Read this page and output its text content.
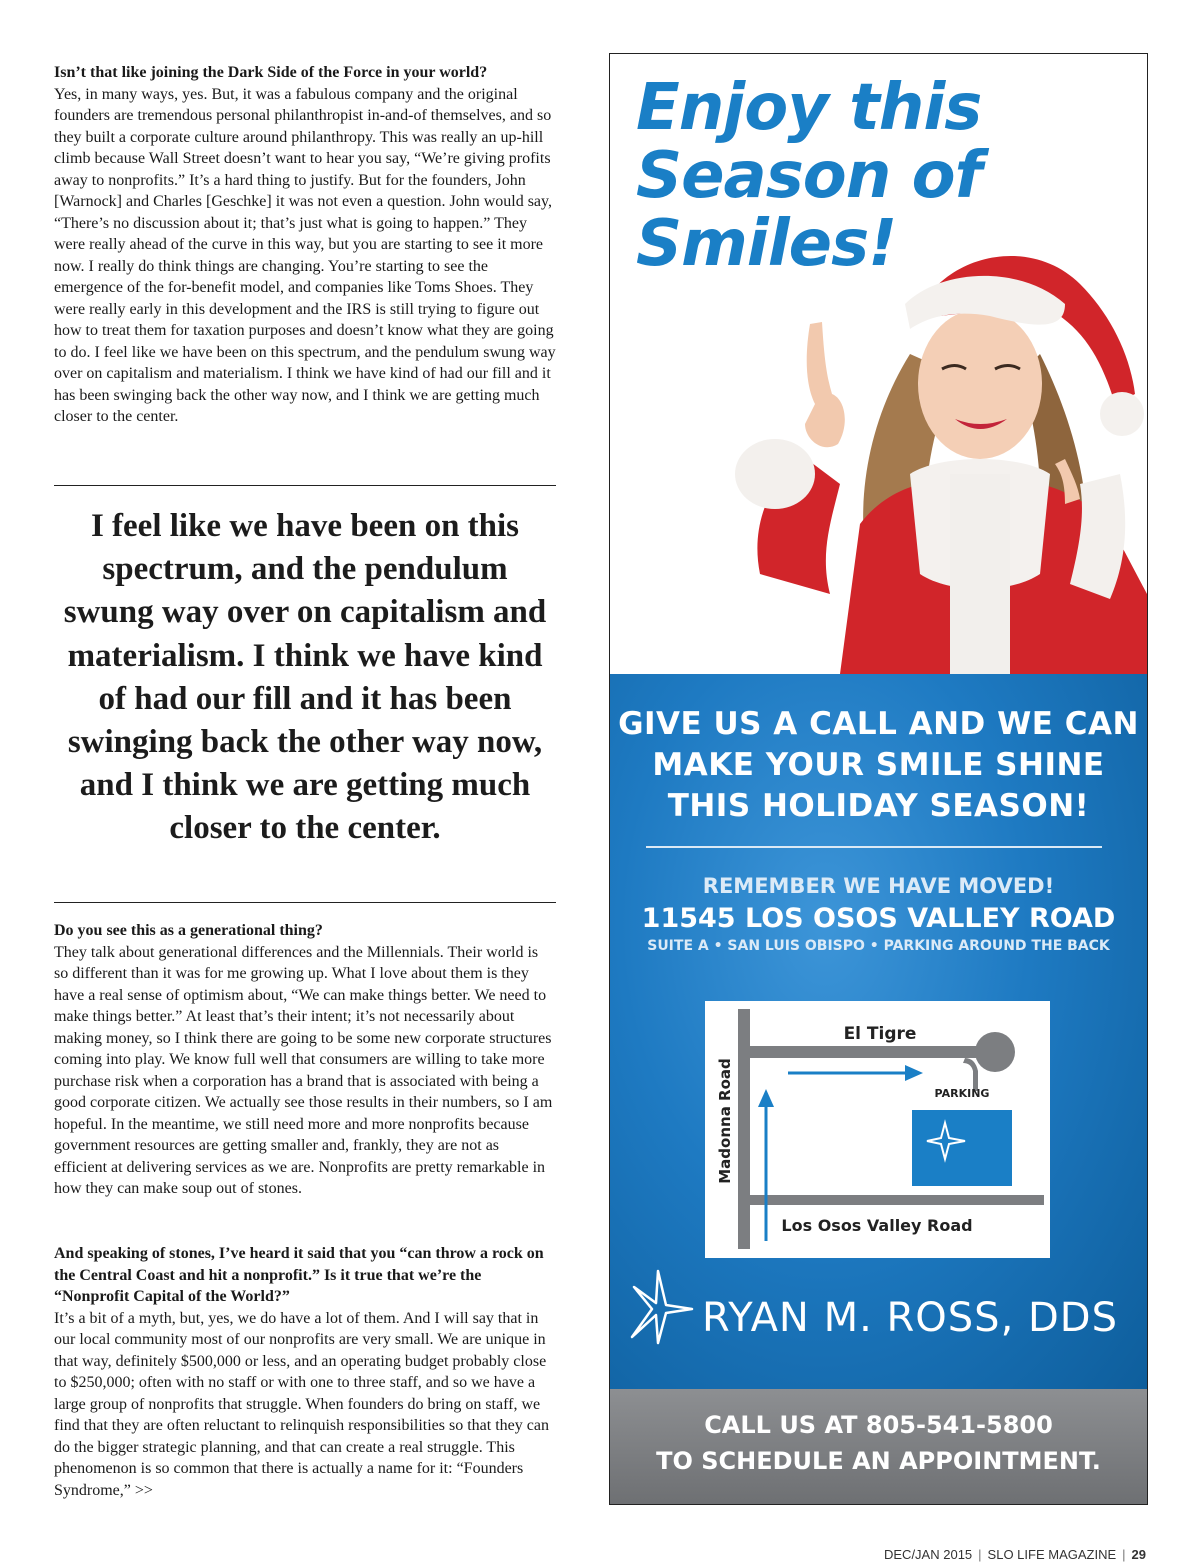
Isn’t that like joining the Dark Side of the Force in your world?

Yes, in many ways, yes. But, it was a fabulous company and the original founders are tremendous personal philanthropist in-and-of themselves, and so they built a corporate culture around philanthropy. This was really an up-hill climb because Wall Street doesn’t want to hear you say, “We’re giving profits away to nonprofits.” It’s a hard thing to justify. But for the founders, John [Warnock] and Charles [Geschke] it was not even a question. John would say, “There’s no discussion about it; that’s just what is going to happen.” They were really ahead of the curve in this way, but you are starting to see it more now. I really do think things are changing. You’re starting to see the emergence of the for-benefit model, and companies like Toms Shoes. They were really early in this development and the IRS is still trying to figure out how to treat them for taxation purposes and doesn’t know what they are going to do. I feel like we have been on this spectrum, and the pendulum swung way over on capitalism and materialism. I think we have kind of had our fill and it has been swinging back the other way now, and I think we are getting much closer to the center.

I feel like we have been on this spectrum, and the pendulum swung way over on capitalism and materialism. I think we have kind of had our fill and it has been swinging back the other way now, and I think we are getting much closer to the center.

Do you see this as a generational thing?

They talk about generational differences and the Millennials. Their world is so different than it was for me growing up. What I love about them is they have a real sense of optimism about, “We can make things better. We need to make things better.” At least that’s their intent; it’s not necessarily about making money, so I think there are going to be some new corporate structures coming into play. We know full well that consumers are willing to take more purchase risk when a corporation has a brand that is associated with being a good corporate citizen. We actually see those results in their numbers, so I am hopeful. In the meantime, we still need more and more nonprofits because government resources are getting smaller and, frankly, they are not as efficient at delivering services as we are. Nonprofits are pretty remarkable in how they can make soup out of stones.

And speaking of stones, I’ve heard it said that you “can throw a rock on the Central Coast and hit a nonprofit.” Is it true that we’re the “Nonprofit Capital of the World?”

It’s a bit of a myth, but, yes, we do have a lot of them. And I will say that in our local community most of our nonprofits are very small. We are unique in that way, definitely $500,000 or less, and an operating budget probably close to $250,000; often with no staff or with one to three staff, and so we have a large group of nonprofits that struggle. When founders do bring on staff, we find that they are often reluctant to relinquish responsibilities so that they can do the bigger strategic planning, and that can create a real struggle. This phenomenon is so common that there is actually a name for it: “Founders Syndrome,” >>

Enjoy this
Season of
Smiles!
GIVE US A CALL AND WE CAN
MAKE YOUR SMILE SHINE
THIS HOLIDAY SEASON!
REMEMBER WE HAVE MOVED!
11545 LOS OSOS VALLEY ROAD
SUITE A • SAN LUIS OBISPO • PARKING AROUND THE BACK
El Tigre
Los Osos Valley Road
PARKING
Madonna Road
RYAN M. ROSS, DDS
CALL US AT 805-541-5800
TO SCHEDULE AN APPOINTMENT.
DEC/JAN 2015 | SLO LIFE MAGAZINE | 29
